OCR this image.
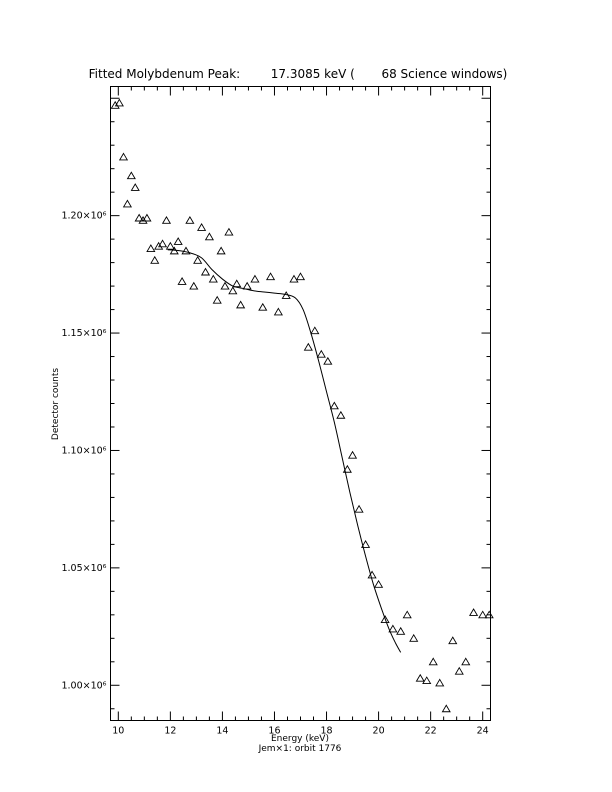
Fitted Molybdenum Peak:        17.3085 keV (       68 Science windows)
10	12	14	16	18	20	22	24
1.00×10⁶
1.05×10⁶
1.10×10⁶
1.15×10⁶
1.20×10⁶
Energy (keV)
Jem×1: orbit 1776
Detector counts
